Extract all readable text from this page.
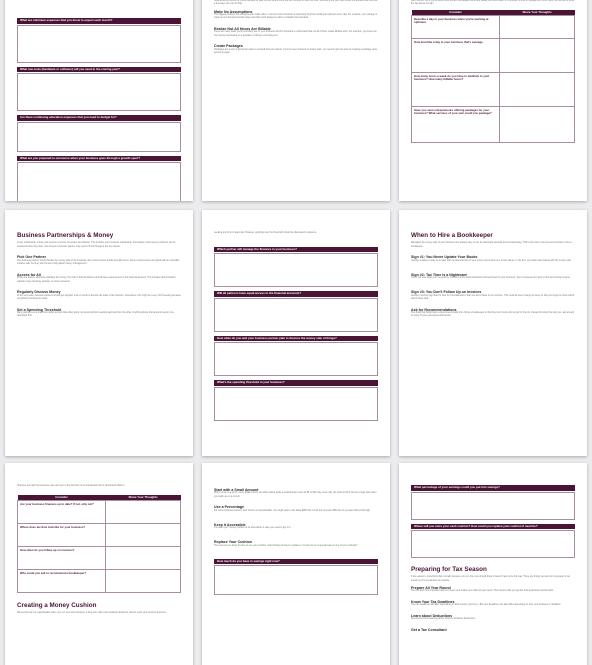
What are minimum expenses that you know to expect each month?
What one-tools (hardware or software) will you need in the coming year?
Are there continuing education expenses that you need to budget for?
What are you prepared to outsource when your business goes through a growth spurt?
head amazing months of profits followed by lean months where there just isn't enough to meet the bills. Smoothing out your cash inflow is important and here are a few ways you can do that.
Make No Assumptions
The biggest problem that entrepreneurs make when it comes to their business is assuming they'll be working at optimum every day. For example, you manage to crank out ten thousand words today and think you'll always be able to maintain that schedule.
Realize Not All Hours Are Billable
There are many tasks you'll most likely see in your business and it's important to understand that not all of them create billable work. For example, you spend an hour being interviewed on a podcast or writing a new blog post.
Create Packages
Packages are a way of giving fair value to yourself and your clients. If you've been focused on hourly work, you need to give the idea of creating a package some serious thought.
hard months. But if you're determined to earn the ballpark sums and tweak your client base, it's important to how to manage your flow. Nope, put the tips to know the tips above to help!
Consider	Share Your Thoughts
Describe a day in your business when you're working at optimum.	
How describe a day in your business that's average.	
How many hours a week do you have to dedicate to your business? How many billable hours?	
Have you seen entrepreneurs offering packages for your business? What services of your own could you package?	
Business Partnerships & Money
In any relationship, money can become a source of tension and division. This includes your business relationship. Fortunately, most money problems can be resolved before they start. You and your business partner only need to think through a few key issues.
Pick One Partner
One business partner should handle the money side of the business, like invoices about profits and gifts items. Some entrepreneurs are gifted with an incredible creative side, but they don't know a thing about money management.
Access for All
While one partner should be handling the money, the truth is that all partners should have equal access to the financial account. This includes all information related to any checking, savings, or online accounts.
Regularly Discuss Money
At the very least, business partners should get together once a month to discuss the state of the finances. Sometimes, this might be a very brief meeting because everything is flowing as usual.
Set a Spending Threshold
Many partners set a maximum dollar amount that either party can spend without needing approval from the other. Anything above that amount needs to be discussed first.
needing any form of approval. However, anything over the threshold should be discussed in advance.
Which partner will manage the finances in your business?
Will all partners have equal access to the financial accounts?
How often do you and your business partner plan to discuss the money side of things?
What's the spending threshold in your business?
When to Hire a Bookkeeper
Managing the money side of your business isn't always easy. It can be downright stressful and overwhelming. That's why some entrepreneurs choose to hire a bookkeeper.
Sign #1: You Never Update Your Books
Usually, a failure to stay up to date with the financial side of your money stems from one of two places. In the first, you really hate dealing with the money side.
Sign #2: Tax Time is a Nightmare
You're not sure what your net profit is. You don't know what deductions will work best for your business. You're stressed out trying to find and sorting receipts.
Sign #3: You Don't Follow Up on Invoices
Another common sign that it's time for a bookkeeper is that you don't follow up on invoices. This could be due to being too busy so that you forget to check which clients have paid.
Ask for Recommendations
One thing that holds many entrepreneurs back from hiring a bookkeeper is that they don't know who to get for the job. Instead of letting this stop you, ask around to some of your entrepreneurial friends.
Chances are high that someone can point you in the direction of a professional who is ethical and efficient.
Consider	Share Your Thoughts
Are your business finances up to date? If not, why not?	
Where does tax time look like for your business?	
How often do you follow up on invoices?	
Who could you ask to recommend a bookkeeper?	
Creating a Money Cushion
Money flow can be unpredictable when you run your own business. A long-term client can suddenly decide he doesn't need your services anymore.
Start with a Small Amount
When you're in a pinch, every dollar counts. So while setting aside a small amount such as $5 or $10 may seem silly, the truth is that it can be a huge help when you really are in a crunch.
Use a Percentage
For some business owners, their income is unpredictable. You might want to set aside $200 this month but only have $50 due to a project that fell through.
Keep it Accessible
You want your money cushion to be accessible in case you need to get to it.
Replace Your Cushion
The moment you know it's time to use your cushion, start thinking of ways to replace it. Could you run a special sale on one of your products?
How much do you have in savings right now?
What percentage of your earnings could you put into savings?
Where will you store your cash cushion? How could you replace your cushion if need be?
Preparing for Tax Season
If tax season is something that normally stresses you out, then you should know it doesn't have to be this way. There are things you can do to prepare for tax season so it's as painless as possible.
Prepare All Year Round
The first and most important step is to keep your books up to date all year round. This ensures that you get the best deductions and benefits.
Know Your Tax Deadlines
Your tax deadlines will differ depending on what country you live in. But your deadlines can also differ depending on how your business is classified.
Learn about Deductions
Spend some time learning about common business deductions.
Get a Tax Consultant
